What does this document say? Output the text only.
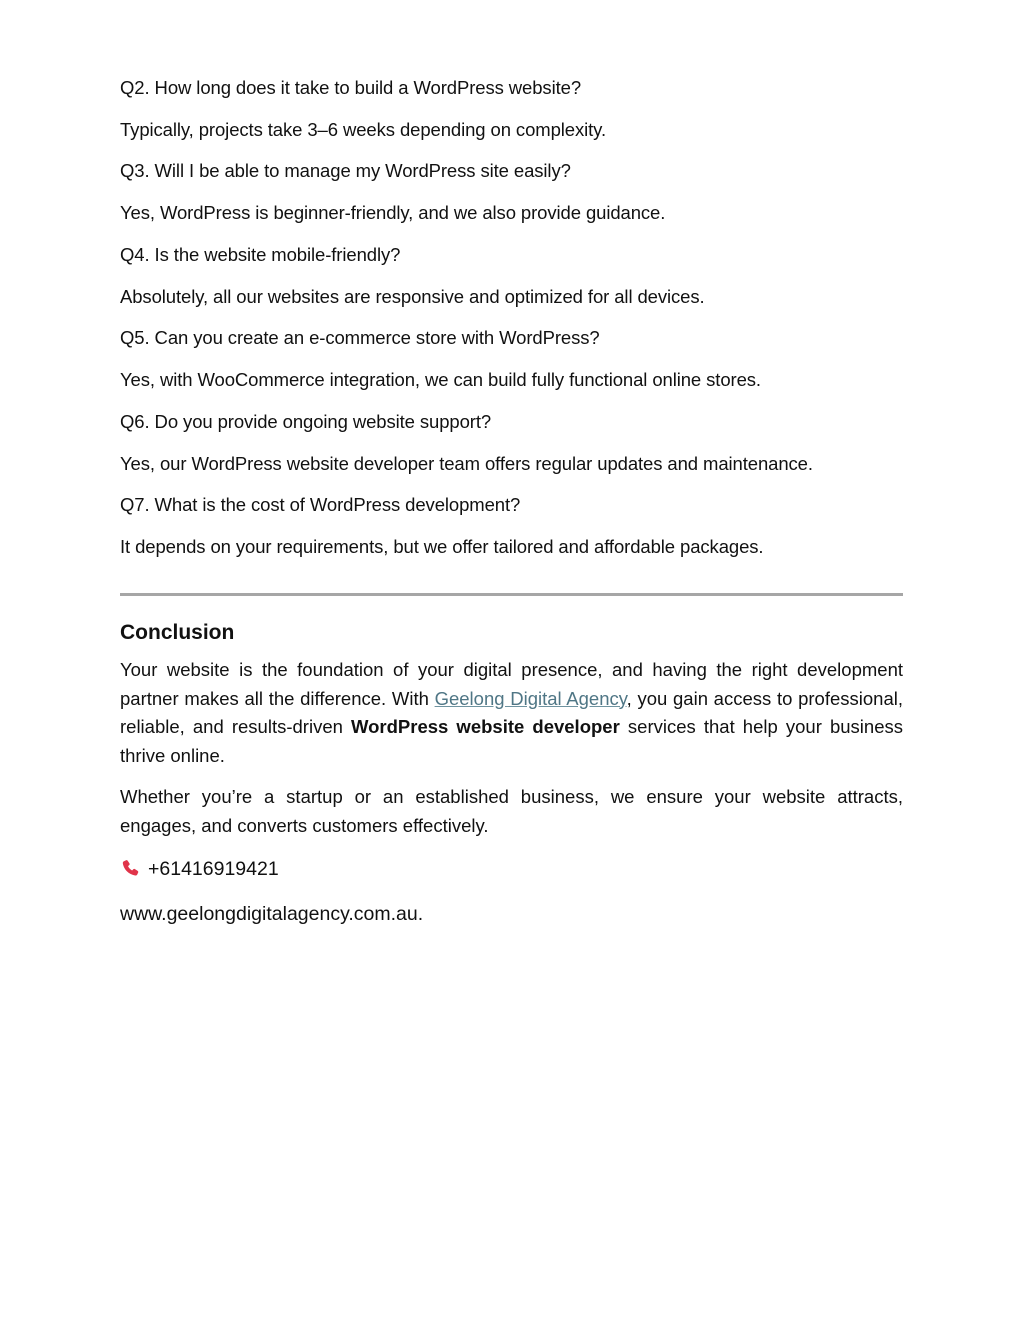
Q2. How long does it take to build a WordPress website?
Typically, projects take 3–6 weeks depending on complexity.
Q3. Will I be able to manage my WordPress site easily?
Yes, WordPress is beginner-friendly, and we also provide guidance.
Q4. Is the website mobile-friendly?
Absolutely, all our websites are responsive and optimized for all devices.
Q5. Can you create an e-commerce store with WordPress?
Yes, with WooCommerce integration, we can build fully functional online stores.
Q6. Do you provide ongoing website support?
Yes, our WordPress website developer team offers regular updates and maintenance.
Q7. What is the cost of WordPress development?
It depends on your requirements, but we offer tailored and affordable packages.
Conclusion
Your website is the foundation of your digital presence, and having the right development partner makes all the difference. With Geelong Digital Agency, you gain access to professional, reliable, and results-driven WordPress website developer services that help your business thrive online.
Whether you’re a startup or an established business, we ensure your website attracts, engages, and converts customers effectively.
+61416919421
www.geelongdigitalagency.com.au.
